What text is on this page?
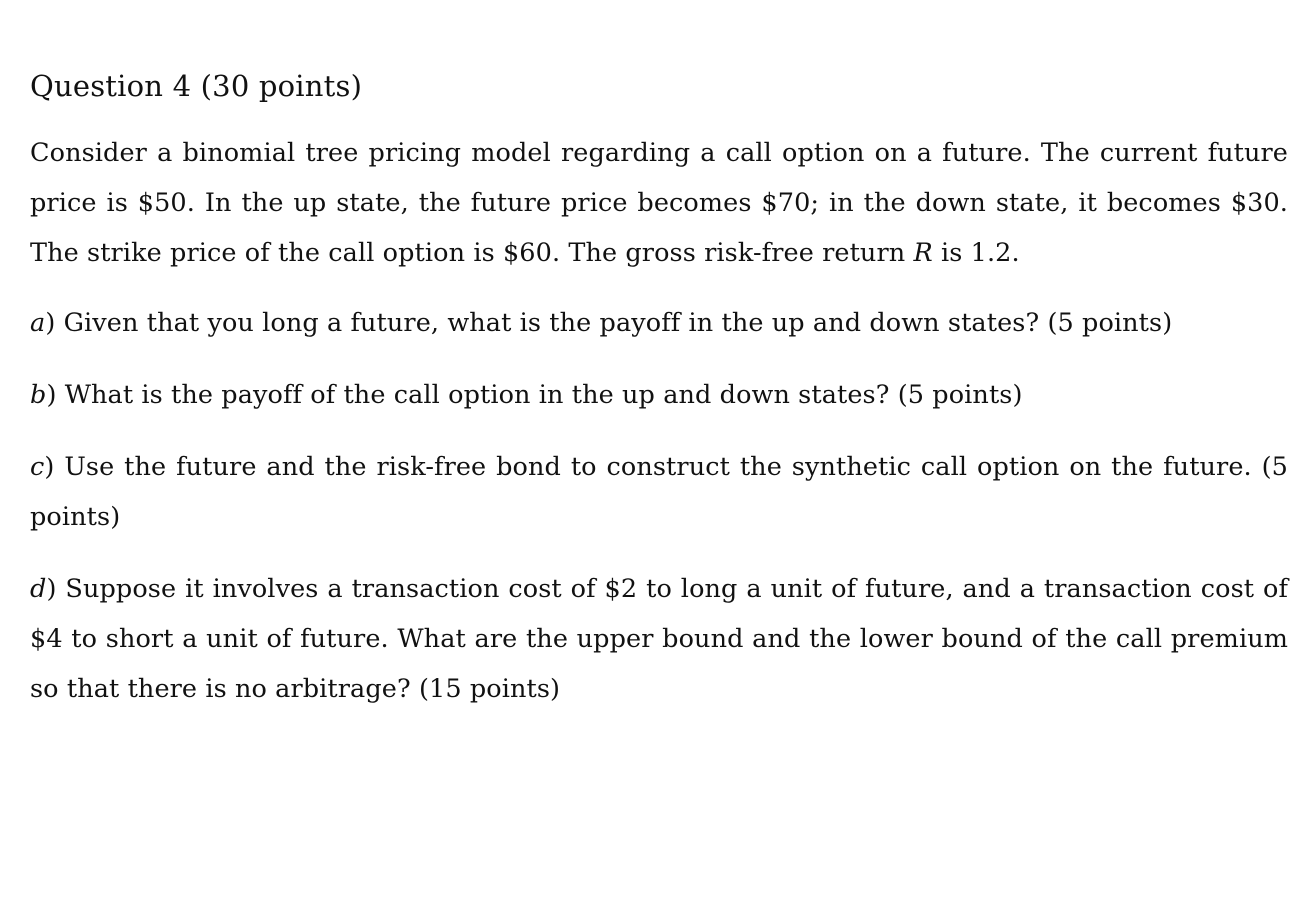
Question 4 (30 points)

Consider a binomial tree pricing model regarding a call option on a future. The current future price is $50. In the up state, the future price becomes $70; in the down state, it becomes $30. The strike price of the call option is $60. The gross risk-free return R is 1.2.

a) Given that you long a future, what is the payoff in the up and down states? (5 points)

b) What is the payoff of the call option in the up and down states? (5 points)

c) Use the future and the risk-free bond to construct the synthetic call option on the future. (5 points)

d) Suppose it involves a transaction cost of $2 to long a unit of future, and a transaction cost of $4 to short a unit of future. What are the upper bound and the lower bound of the call premium so that there is no arbitrage? (15 points)
